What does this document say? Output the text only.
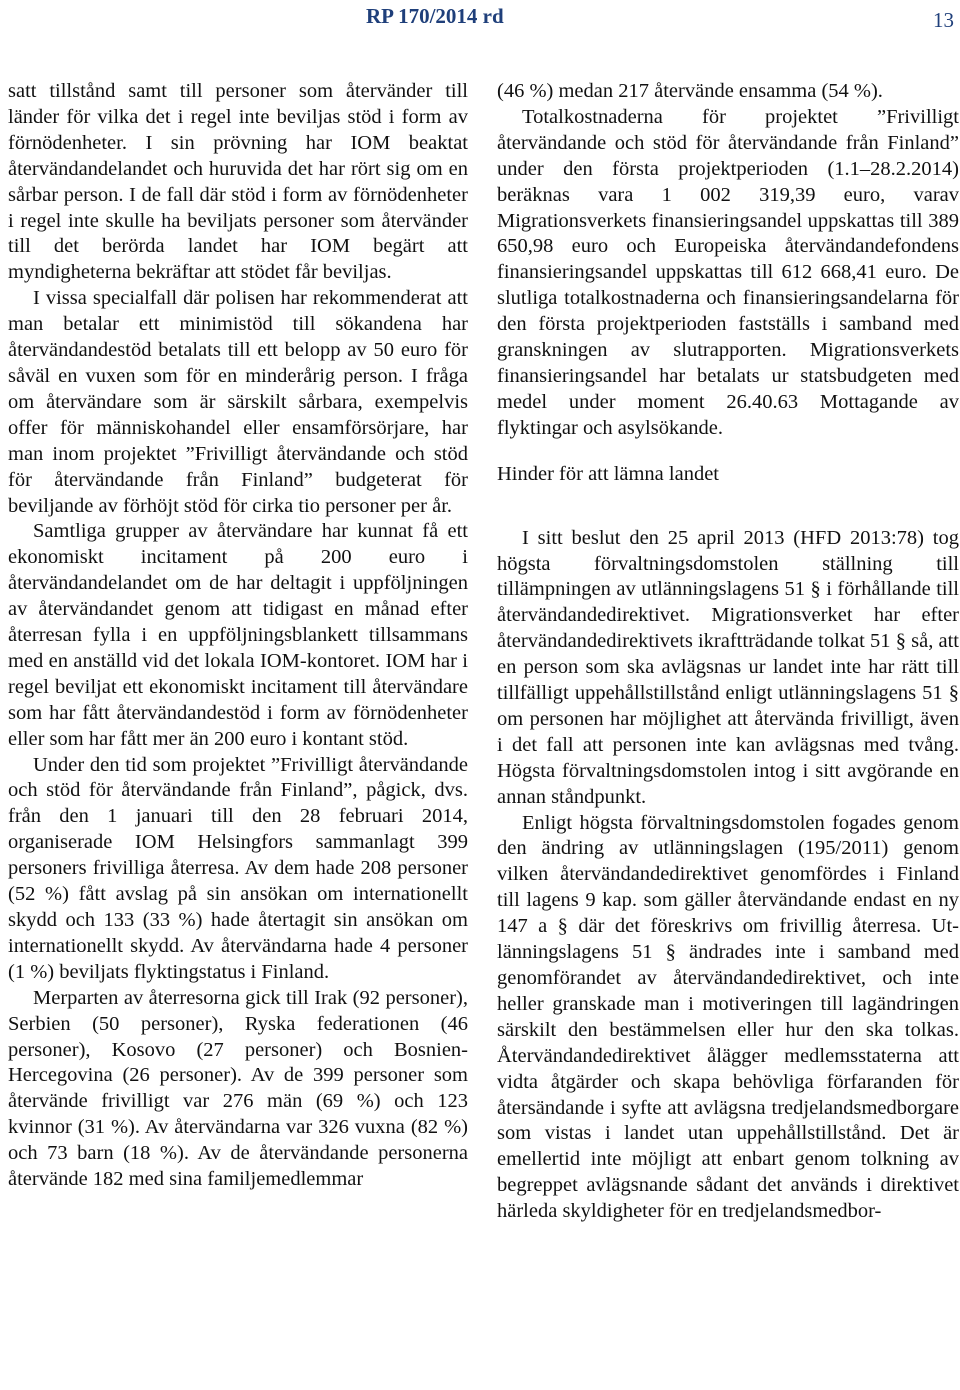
RP 170/2014 rd	13

satt tillstånd samt till personer som återvänder till länder för vilka det i regel inte beviljas stöd i form av förnödenheter. I sin prövning har IOM beaktat återvändandelandet och huruvida det har rört sig om en sårbar person. I de fall där stöd i form av förnödenheter i regel inte skulle ha beviljats personer som återvänder till det berörda landet har IOM begärt att myndigheterna bekräftar att stödet får beviljas.

I vissa specialfall där polisen har rekommenderat att man betalar ett minimistöd till sökandena har återvändandestöd betalats till ett belopp av 50 euro för såväl en vuxen som för en minderårig person. I fråga om återvändare som är särskilt sårbara, exempelvis offer för människohandel eller ensamförsörjare, har man inom projektet ”Frivilligt återvändande och stöd för återvändande från Finland” budgeterat för beviljande av förhöjt stöd för cirka tio personer per år.

Samtliga grupper av återvändare har kunnat få ett ekonomiskt incitament på 200 euro i återvändandelandet om de har deltagit i uppföljningen av återvändandet genom att tidigast en månad efter återresan fylla i en uppföljningsblankett tillsammans med en anställd vid det lokala IOM-kontoret. IOM har i regel beviljat ett ekonomiskt incitament till återvändare som har fått återvändandestöd i form av förnödenheter eller som har fått mer än 200 euro i kontant stöd.

Under den tid som projektet ”Frivilligt återvändande och stöd för återvändande från Finland”, pågick, dvs. från den 1 januari till den 28 februari 2014, organiserade IOM Helsingfors sammanlagt 399 personers frivilliga återresa. Av dem hade 208 personer (52 %) fått avslag på sin ansökan om internationellt skydd och 133 (33 %) hade återtagit sin ansökan om internationellt skydd. Av återvändarna hade 4 personer (1 %) beviljats flyktingstatus i Finland.

Merparten av återresorna gick till Irak (92 personer), Serbien (50 personer), Ryska federationen (46 personer), Kosovo (27 personer) och Bosnien-Hercegovina (26 personer). Av de 399 personer som återvände frivilligt var 276 män (69 %) och 123 kvinnor (31 %). Av återvändarna var 326 vuxna (82 %) och 73 barn (18 %). Av de återvändande personerna återvände 182 med sina familjemedlemmar

(46 %) medan 217 återvände ensamma (54 %).

Totalkostnaderna för projektet ”Frivilligt återvändande och stöd för återvändande från Finland” under den första projektperioden (1.1–28.2.2014) beräknas vara 1 002 319,39 euro, varav Migrationsverkets finansieringsandel uppskattas till 389 650,98 euro och Europeiska återvändandefondens finansieringsandel uppskattas till 612 668,41 euro. De slutliga totalkostnaderna och finansieringsandelarna för den första projektperioden fastställs i samband med granskningen av slutrapporten. Migrationsverkets finansieringsandel har betalats ur statsbudgeten med medel under moment 26.40.63 Mottagande av flyktingar och asylsökande.

Hinder för att lämna landet

I sitt beslut den 25 april 2013 (HFD 2013:78) tog högsta förvaltningsdomstolen ställning till tillämpningen av utlänningslagens 51 § i förhållande till återvändandedirektivet. Migrationsverket har efter återvändandedirektivets ikraftträdande tolkat 51 § så, att en person som ska avlägsnas ur landet inte har rätt till tillfälligt uppehållstillstånd enligt utlänningslagens 51 § om personen har möjlighet att återvända frivilligt, även i det fall att personen inte kan avlägsnas med tvång. Högsta förvaltningsdomstolen intog i sitt avgörande en annan ståndpunkt.

Enligt högsta förvaltningsdomstolen fogades genom den ändring av utlänningslagen (195/2011) genom vilken återvändandedirektivet genomfördes i Finland till lagens 9 kap. som gäller återvändande endast en ny 147 a § där det föreskrivs om frivillig återresa. Utlänningslagens 51 § ändrades inte i samband med genomförandet av återvändandedirektivet, och inte heller granskade man i motiveringen till lagändringen särskilt den bestämmelsen eller hur den ska tolkas. Återvändandedirektivet ålägger medlemsstaterna att vidta åtgärder och skapa behövliga förfaranden för återsändande i syfte att avlägsna tredjelandsmedborgare som vistas i landet utan uppehållstillstånd. Det är emellertid inte möjligt att enbart genom tolkning av begreppet avlägsnande sådant det används i direktivet härleda skyldigheter för en tredjelandsmedbor-
